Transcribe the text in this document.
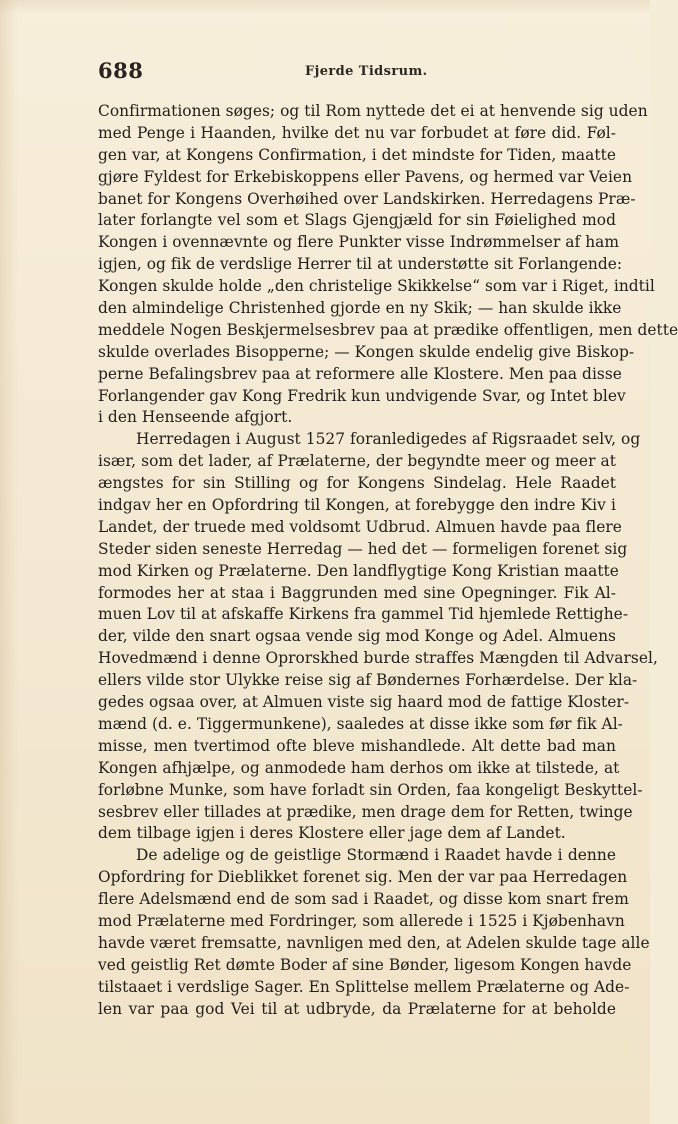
688	Fjerde Tidsrum.
Confirmationen søges; og til Rom nyttede det ei at henvende sig uden
med Penge i Haanden, hvilke det nu var forbudet at føre did. Føl-
gen var, at Kongens Confirmation, i det mindste for Tiden, maatte
gjøre Fyldest for Erkebiskoppens eller Pavens, og hermed var Veien
banet for Kongens Overhøihed over Landskirken. Herredagens Præ-
later forlangte vel som et Slags Gjengjæld for sin Føielighed mod
Kongen i ovennævnte og flere Punkter visse Indrømmelser af ham
igjen, og fik de verdslige Herrer til at understøtte sit Forlangende:
Kongen skulde holde „den christelige Skikkelse“ som var i Riget, indtil
den almindelige Christenhed gjorde en ny Skik; — han skulde ikke
meddele Nogen Beskjermelsesbrev paa at prædike offentligen, men dette
skulde overlades Bisopperne; — Kongen skulde endelig give Biskop-
perne Befalingsbrev paa at reformere alle Klostere. Men paa disse
Forlangender gav Kong Fredrik kun undvigende Svar, og Intet blev
i den Henseende afgjort.
Herredagen i August 1527 foranledigedes af Rigsraadet selv, og
især, som det lader, af Prælaterne, der begyndte meer og meer at
ængstes for sin Stilling og for Kongens Sindelag. Hele Raadet
indgav her en Opfordring til Kongen, at forebygge den indre Kiv i
Landet, der truede med voldsomt Udbrud. Almuen havde paa flere
Steder siden seneste Herredag — hed det — formeligen forenet sig
mod Kirken og Prælaterne. Den landflygtige Kong Kristian maatte
formodes her at staa i Baggrunden med sine Opegninger. Fik Al-
muen Lov til at afskaffe Kirkens fra gammel Tid hjemlede Rettighe-
der, vilde den snart ogsaa vende sig mod Konge og Adel. Almuens
Hovedmænd i denne Oprorskhed burde straffes Mængden til Advarsel,
ellers vilde stor Ulykke reise sig af Bøndernes Forhærdelse. Der kla-
gedes ogsaa over, at Almuen viste sig haard mod de fattige Kloster-
mænd (d. e. Tiggermunkene), saaledes at disse ikke som før fik Al-
misse, men tvertimod ofte bleve mishandlede. Alt dette bad man
Kongen afhjælpe, og anmodede ham derhos om ikke at tilstede, at
forløbne Munke, som have forladt sin Orden, faa kongeligt Beskyttel-
sesbrev eller tillades at prædike, men drage dem for Retten, twinge
dem tilbage igjen i deres Klostere eller jage dem af Landet.
De adelige og de geistlige Stormænd i Raadet havde i denne
Opfordring for Dieblikket forenet sig. Men der var paa Herredagen
flere Adelsmænd end de som sad i Raadet, og disse kom snart frem
mod Prælaterne med Fordringer, som allerede i 1525 i Kjøbenhavn
havde været fremsatte, navnligen med den, at Adelen skulde tage alle
ved geistlig Ret dømte Boder af sine Bønder, ligesom Kongen havde
tilstaaet i verdslige Sager. En Splittelse mellem Prælaterne og Ade-
len var paa god Vei til at udbryde, da Prælaterne for at beholde
